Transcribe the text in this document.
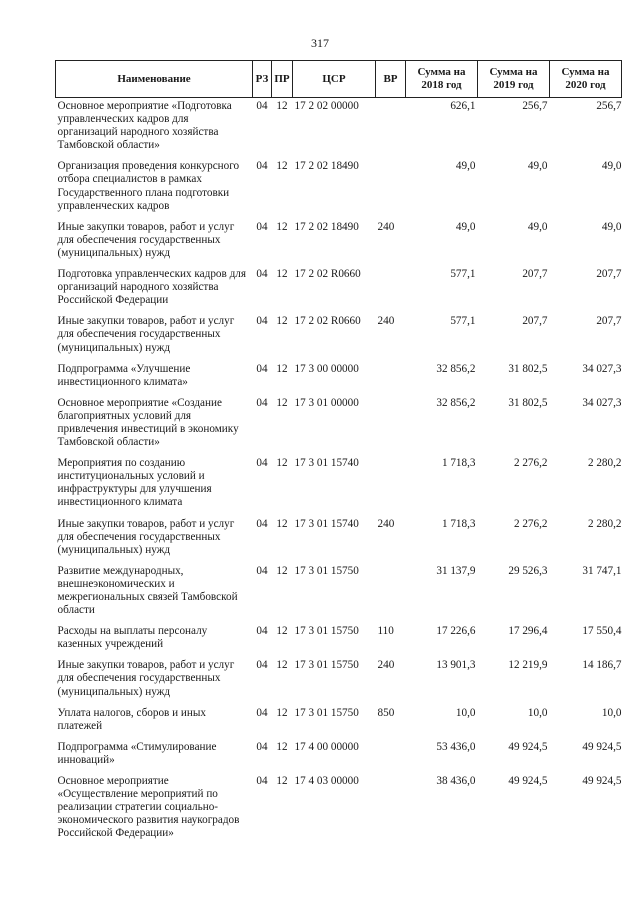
317
Наименование	РЗ	ПР	ЦСР	ВР	Сумма на 2018 год	Сумма на 2019 год	Сумма на 2020 год
Основное мероприятие «Подготовка управленческих кадров для организаций народного хозяйства Тамбовской области»	04	12	17 2 02 00000		626,1	256,7	256,7
Организация проведения конкурсного отбора специалистов в рамках Государственного плана подготовки управленческих кадров	04	12	17 2 02 18490		49,0	49,0	49,0
Иные закупки товаров, работ и услуг для обеспечения государственных (муниципальных) нужд	04	12	17 2 02 18490	240	49,0	49,0	49,0
Подготовка управленческих кадров для организаций народного хозяйства Российской Федерации	04	12	17 2 02 R0660		577,1	207,7	207,7
Иные закупки товаров, работ и услуг для обеспечения государственных (муниципальных) нужд	04	12	17 2 02 R0660	240	577,1	207,7	207,7
Подпрограмма «Улучшение инвестиционного климата»	04	12	17 3 00 00000		32 856,2	31 802,5	34 027,3
Основное мероприятие «Создание благоприятных условий для привлечения инвестиций в экономику Тамбовской области»	04	12	17 3 01 00000		32 856,2	31 802,5	34 027,3
Мероприятия по созданию институциональных условий и инфраструктуры для улучшения инвестиционного климата	04	12	17 3 01 15740		1 718,3	2 276,2	2 280,2
Иные закупки товаров, работ и услуг для обеспечения государственных (муниципальных) нужд	04	12	17 3 01 15740	240	1 718,3	2 276,2	2 280,2
Развитие международных, внешнеэкономических и межрегиональных связей Тамбовской области	04	12	17 3 01 15750		31 137,9	29 526,3	31 747,1
Расходы на выплаты персоналу казенных учреждений	04	12	17 3 01 15750	110	17 226,6	17 296,4	17 550,4
Иные закупки товаров, работ и услуг для обеспечения государственных (муниципальных) нужд	04	12	17 3 01 15750	240	13 901,3	12 219,9	14 186,7
Уплата налогов, сборов и иных платежей	04	12	17 3 01 15750	850	10,0	10,0	10,0
Подпрограмма «Стимулирование инноваций»	04	12	17 4 00 00000		53 436,0	49 924,5	49 924,5
Основное мероприятие «Осуществление мероприятий по реализации стратегии социально-экономического развития наукоградов Российской Федерации»	04	12	17 4 03 00000		38 436,0	49 924,5	49 924,5
